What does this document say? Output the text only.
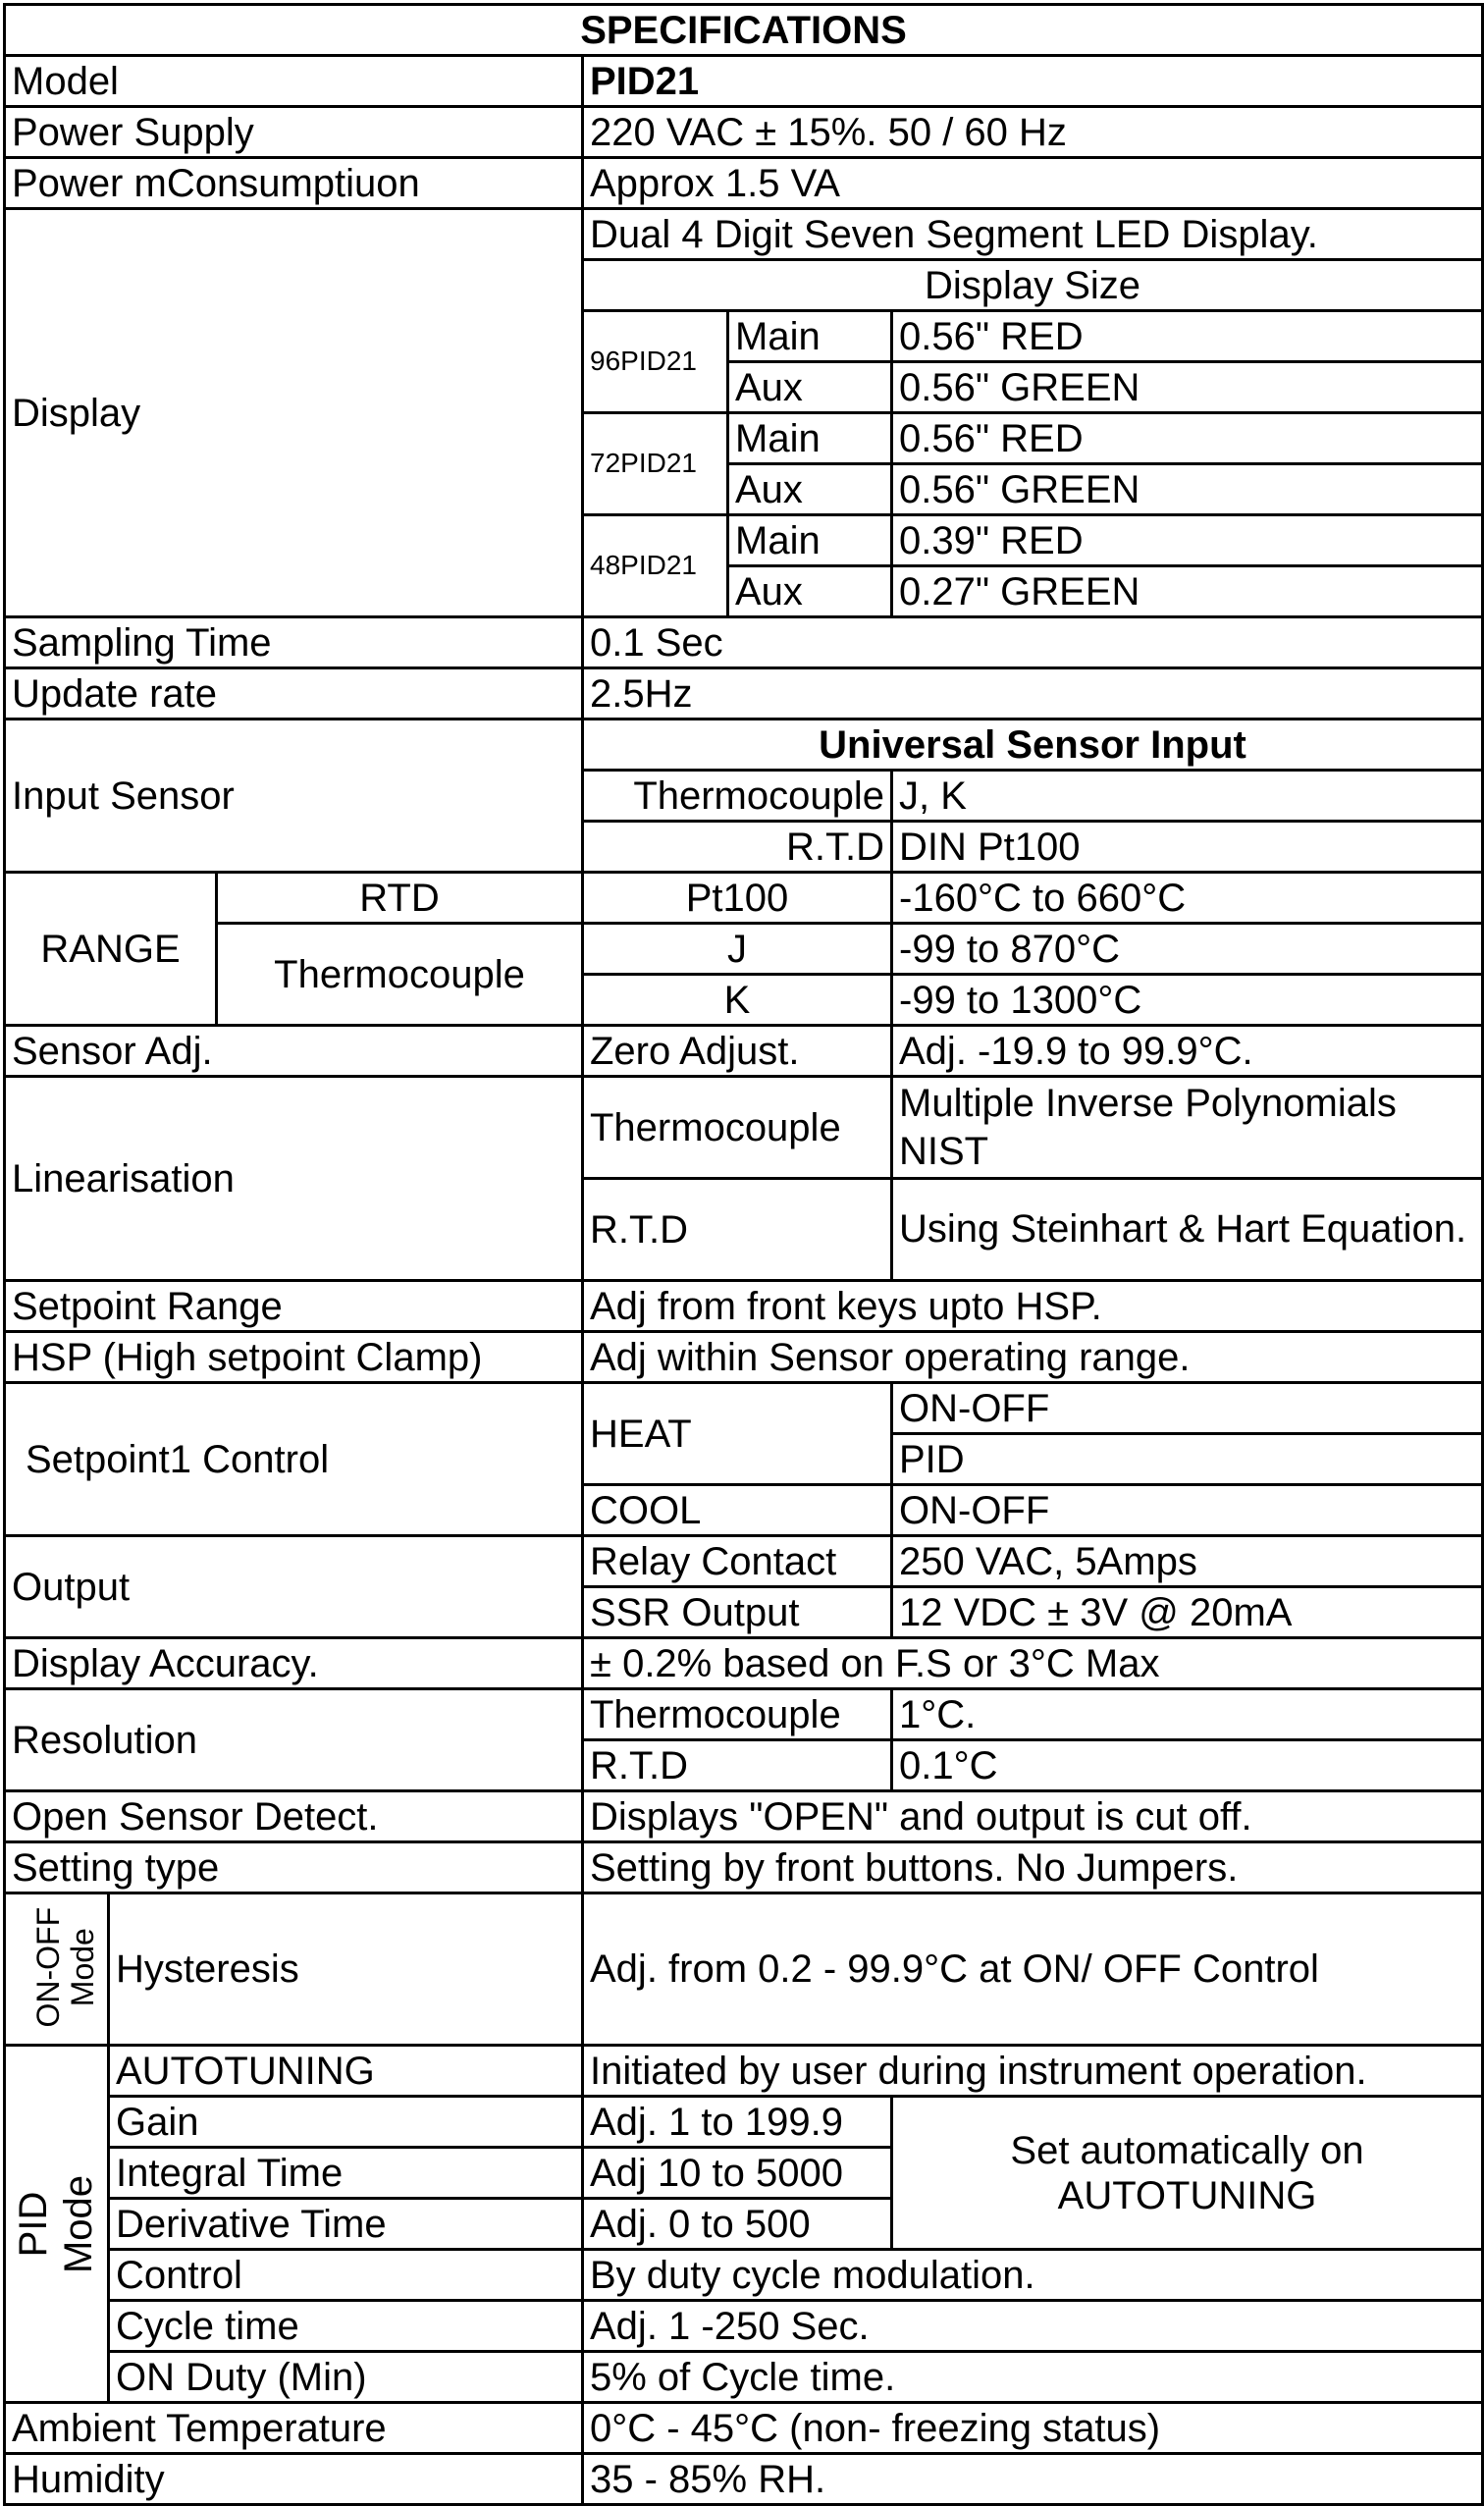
SPECIFICATIONS					
Model			PID21		
Power Supply			220 VAC ± 15%. 50 / 60 Hz		
Power mConsumptiuon			Approx 1.5 VA		
Display			Dual 4 Digit Seven Segment LED Display.		
			Display Size		
			96PID21	Main	0.56" RED
				Aux	0.56" GREEN
			72PID21	Main	0.56" RED
				Aux	0.56" GREEN
			48PID21	Main	0.39" RED
				Aux	0.27" GREEN
Sampling Time			0.1 Sec		
Update rate			2.5Hz		
Input Sensor			Universal Sensor Input		
			Thermocouple		J, K
			R.T.D		DIN Pt100
RANGE		RTD	Pt100		-160°C to 660°C
		Thermocouple	J		-99 to 870°C
			K		-99 to 1300°C
Sensor Adj.			Zero Adjust.		Adj. -19.9 to 99.9°C.
Linearisation			Thermocouple		Multiple Inverse Polynomials NIST
			R.T.D		Using Steinhart & Hart Equation.
Setpoint Range			Adj from front keys upto HSP.		
HSP (High setpoint Clamp)			Adj within Sensor operating range.		
Setpoint1 Control			HEAT		ON-OFF
					PID
			COOL		ON-OFF
Output			Relay Contact		250 VAC, 5Amps
			SSR Output		12 VDC ± 3V @ 20mA
Display Accuracy.			± 0.2% based on F.S or 3°C Max		
Resolution			Thermocouple		1°C.
			R.T.D		0.1°C
Open Sensor Detect.			Displays "OPEN" and output is cut off.		
Setting type			Setting by front buttons. No Jumpers.		

ON-OFF Mode	Hysteresis		Adj. from 0.2 - 99.9°C at ON/ OFF Control		

PID Mode	AUTOTUNING		Initiated by user during instrument operation.		
	Gain		Adj. 1 to 199.9		Set automatically on AUTOTUNING
	Integral Time		Adj 10 to 5000		
	Derivative Time		Adj. 0 to 500		
	Control		By duty cycle modulation.		
	Cycle time		Adj. 1 -250 Sec.		
	ON Duty (Min)		5% of Cycle time.		
Ambient Temperature			0°C - 45°C (non- freezing status)		
Humidity			35 - 85% RH.		
